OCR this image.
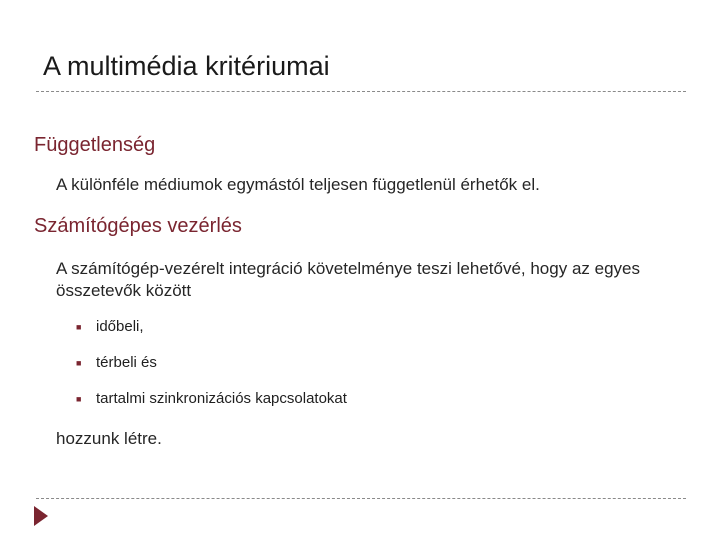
A multimédia kritériumai
Függetlenség
A különféle médiumok egymástól teljesen függetlenül érhetők el.
Számítógépes vezérlés
A számítógép-vezérelt integráció követelménye teszi lehetővé, hogy az egyes összetevők között
■ időbeli,
■ térbeli és
■ tartalmi szinkronizációs kapcsolatokat
hozzunk létre.
